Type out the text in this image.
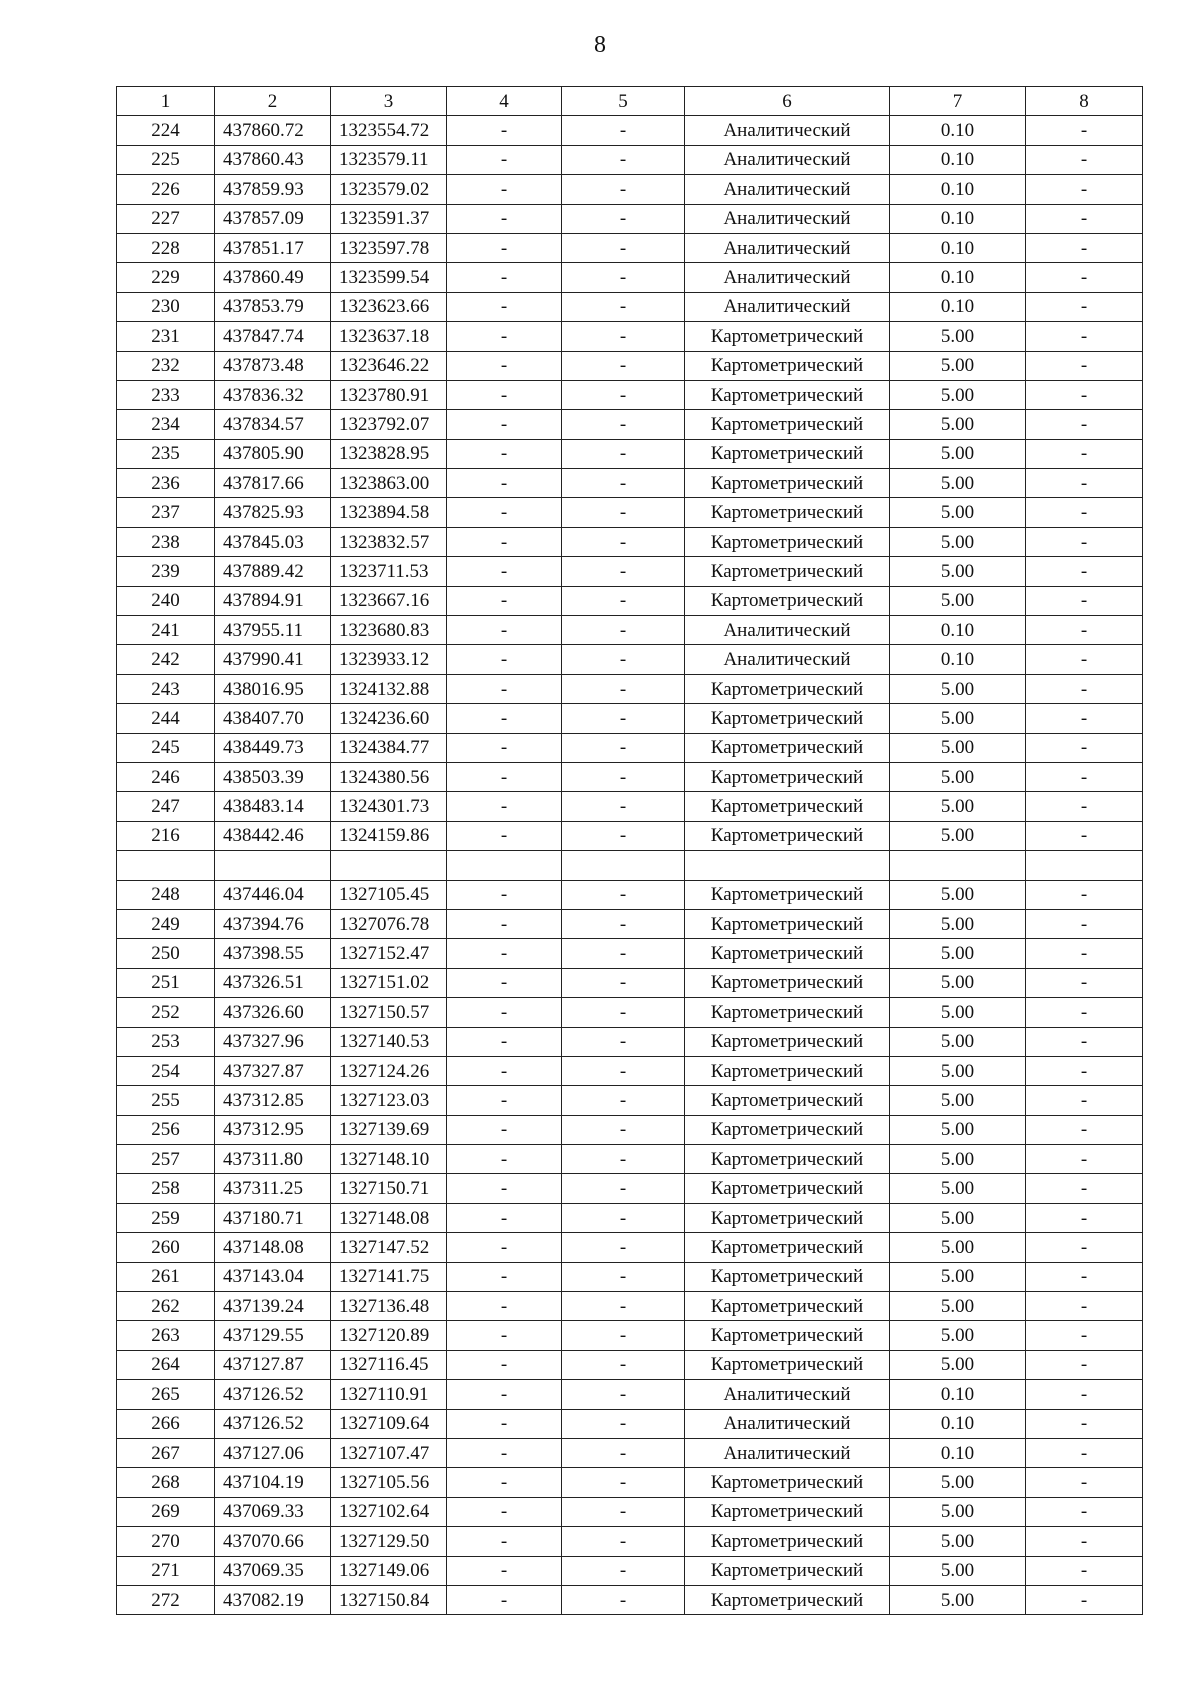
8
1	2	3	4	5	6	7	8
224	437860.72	1323554.72	-	-	Аналитический	0.10	-
225	437860.43	1323579.11	-	-	Аналитический	0.10	-
226	437859.93	1323579.02	-	-	Аналитический	0.10	-
227	437857.09	1323591.37	-	-	Аналитический	0.10	-
228	437851.17	1323597.78	-	-	Аналитический	0.10	-
229	437860.49	1323599.54	-	-	Аналитический	0.10	-
230	437853.79	1323623.66	-	-	Аналитический	0.10	-
231	437847.74	1323637.18	-	-	Картометрический	5.00	-
232	437873.48	1323646.22	-	-	Картометрический	5.00	-
233	437836.32	1323780.91	-	-	Картометрический	5.00	-
234	437834.57	1323792.07	-	-	Картометрический	5.00	-
235	437805.90	1323828.95	-	-	Картометрический	5.00	-
236	437817.66	1323863.00	-	-	Картометрический	5.00	-
237	437825.93	1323894.58	-	-	Картометрический	5.00	-
238	437845.03	1323832.57	-	-	Картометрический	5.00	-
239	437889.42	1323711.53	-	-	Картометрический	5.00	-
240	437894.91	1323667.16	-	-	Картометрический	5.00	-
241	437955.11	1323680.83	-	-	Аналитический	0.10	-
242	437990.41	1323933.12	-	-	Аналитический	0.10	-
243	438016.95	1324132.88	-	-	Картометрический	5.00	-
244	438407.70	1324236.60	-	-	Картометрический	5.00	-
245	438449.73	1324384.77	-	-	Картометрический	5.00	-
246	438503.39	1324380.56	-	-	Картометрический	5.00	-
247	438483.14	1324301.73	-	-	Картометрический	5.00	-
216	438442.46	1324159.86	-	-	Картометрический	5.00	-

248	437446.04	1327105.45	-	-	Картометрический	5.00	-
249	437394.76	1327076.78	-	-	Картометрический	5.00	-
250	437398.55	1327152.47	-	-	Картометрический	5.00	-
251	437326.51	1327151.02	-	-	Картометрический	5.00	-
252	437326.60	1327150.57	-	-	Картометрический	5.00	-
253	437327.96	1327140.53	-	-	Картометрический	5.00	-
254	437327.87	1327124.26	-	-	Картометрический	5.00	-
255	437312.85	1327123.03	-	-	Картометрический	5.00	-
256	437312.95	1327139.69	-	-	Картометрический	5.00	-
257	437311.80	1327148.10	-	-	Картометрический	5.00	-
258	437311.25	1327150.71	-	-	Картометрический	5.00	-
259	437180.71	1327148.08	-	-	Картометрический	5.00	-
260	437148.08	1327147.52	-	-	Картометрический	5.00	-
261	437143.04	1327141.75	-	-	Картометрический	5.00	-
262	437139.24	1327136.48	-	-	Картометрический	5.00	-
263	437129.55	1327120.89	-	-	Картометрический	5.00	-
264	437127.87	1327116.45	-	-	Картометрический	5.00	-
265	437126.52	1327110.91	-	-	Аналитический	0.10	-
266	437126.52	1327109.64	-	-	Аналитический	0.10	-
267	437127.06	1327107.47	-	-	Аналитический	0.10	-
268	437104.19	1327105.56	-	-	Картометрический	5.00	-
269	437069.33	1327102.64	-	-	Картометрический	5.00	-
270	437070.66	1327129.50	-	-	Картометрический	5.00	-
271	437069.35	1327149.06	-	-	Картометрический	5.00	-
272	437082.19	1327150.84	-	-	Картометрический	5.00	-
